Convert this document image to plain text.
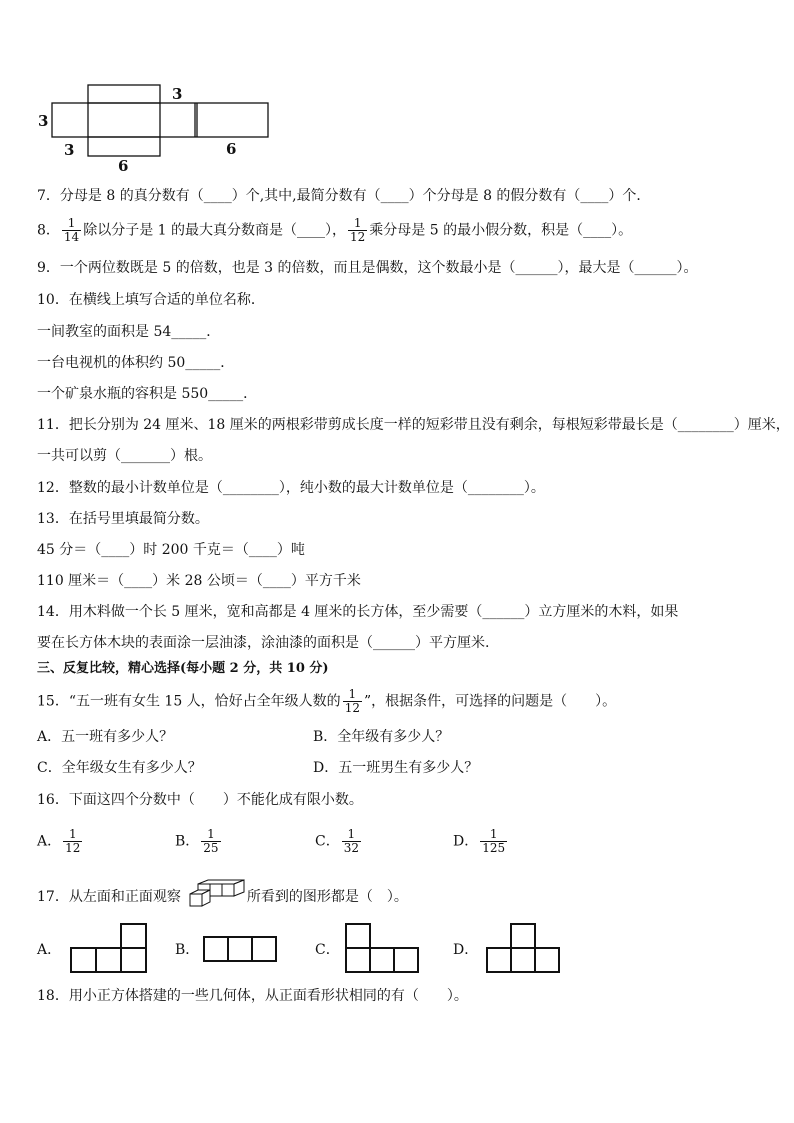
3
3
3
6
6
7．分母是 8 的真分数有（____）个,其中,最简分数有（____）个分母是 8 的假分数有（____）个．
8． $\frac{1}{14}$ 除以分子是 1 的最大真分数商是（____）， $\frac{1}{12}$ 乘分母是 5 的最小假分数，积是（____）。
9．一个两位数既是 5 的倍数，也是 3 的倍数，而且是偶数，这个数最小是（______），最大是（______）。
10．在横线上填写合适的单位名称．
一间教室的面积是 54_____．
一台电视机的体积约 50_____．
一个矿泉水瓶的容积是 550_____．
11．把长分别为 24 厘米、18 厘米的两根彩带剪成长度一样的短彩带且没有剩余，每根短彩带最长是（________）厘米，
一共可以剪（_______）根。
12．整数的最小计数单位是（________），纯小数的最大计数单位是（________）。
13．在括号里填最简分数。
45 分＝（____）时 200 千克＝（____）吨
110 厘米＝（____）米 28 公顷＝（____）平方千米
14．用木料做一个长 5 厘米，宽和高都是 4 厘米的长方体，至少需要（______）立方厘米的木料，如果
要在长方体木块的表面涂一层油漆，涂油漆的面积是（______）平方厘米.
三、反复比较，精心选择(每小题 2 分，共 10 分)
15．“五一班有女生 15 人，恰好占全年级人数的 $\frac{1}{12}$ ”，根据条件，可选择的问题是（　　）。
A．五一班有多少人？	B．全年级有多少人？
C．全年级女生有多少人？	D．五一班男生有多少人？
16．下面这四个分数中（　　）不能化成有限小数。
A． $\frac{1}{12}$	B． $\frac{1}{25}$	C． $\frac{1}{32}$	D． $\frac{1}{125}$
17．从左面和正面观察	所看到的图形都是（　）。
A．	B．	C．	D．
18．用小正方体搭建的一些几何体，从正面看形状相同的有（　　）。
